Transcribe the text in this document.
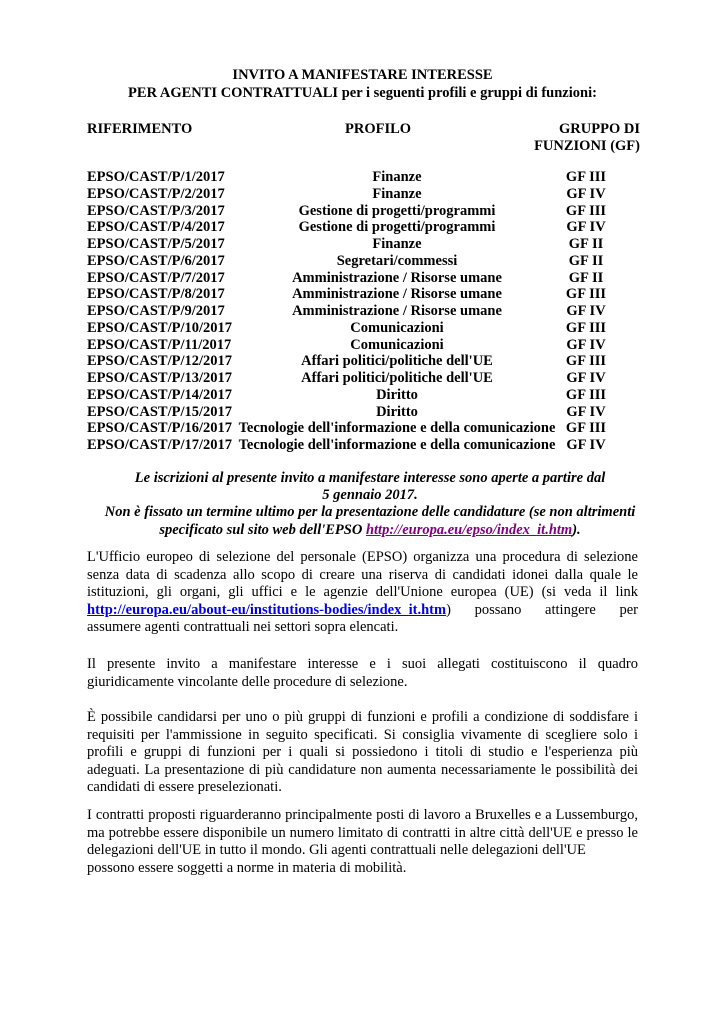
INVITO A MANIFESTARE INTERESSE
PER AGENTI CONTRATTUALI per i seguenti profili e gruppi di funzioni:
RIFERIMENTO	PROFILO	GRUPPO DI
FUNZIONI (GF)
EPSO/CAST/P/1/2017	Finanze	GF III
EPSO/CAST/P/2/2017	Finanze	GF IV
EPSO/CAST/P/3/2017	Gestione di progetti/programmi	GF III
EPSO/CAST/P/4/2017	Gestione di progetti/programmi	GF IV
EPSO/CAST/P/5/2017	Finanze	GF II
EPSO/CAST/P/6/2017	Segretari/commessi	GF II
EPSO/CAST/P/7/2017	Amministrazione / Risorse umane	GF II
EPSO/CAST/P/8/2017	Amministrazione / Risorse umane	GF III
EPSO/CAST/P/9/2017	Amministrazione / Risorse umane	GF IV
EPSO/CAST/P/10/2017	Comunicazioni	GF III
EPSO/CAST/P/11/2017	Comunicazioni	GF IV
EPSO/CAST/P/12/2017	Affari politici/politiche dell'UE	GF III
EPSO/CAST/P/13/2017	Affari politici/politiche dell'UE	GF IV
EPSO/CAST/P/14/2017	Diritto	GF III
EPSO/CAST/P/15/2017	Diritto	GF IV
EPSO/CAST/P/16/2017 Tecnologie dell'informazione e della comunicazione GF III
EPSO/CAST/P/17/2017 Tecnologie dell'informazione e della comunicazione GF IV
Le iscrizioni al presente invito a manifestare interesse sono aperte a partire dal
5 gennaio 2017.
Non è fissato un termine ultimo per la presentazione delle candidature (se non altrimenti
specificato sul sito web dell'EPSO http://europa.eu/epso/index_it.htm).
L'Ufficio europeo di selezione del personale (EPSO) organizza una procedura di selezione
senza data di scadenza allo scopo di creare una riserva di candidati idonei dalla quale le
istituzioni, gli organi, gli uffici e le agenzie dell'Unione europea (UE) (si veda il link
http://europa.eu/about-eu/institutions-bodies/index_it.htm) possano attingere per
assumere agenti contrattuali nei settori sopra elencati.
Il presente invito a manifestare interesse e i suoi allegati costituiscono il quadro
giuridicamente vincolante delle procedure di selezione.
È possibile candidarsi per uno o più gruppi di funzioni e profili a condizione di soddisfare i
requisiti per l'ammissione in seguito specificati. Si consiglia vivamente di scegliere solo i
profili e gruppi di funzioni per i quali si possiedono i titoli di studio e l'esperienza più
adeguati. La presentazione di più candidature non aumenta necessariamente le possibilità dei
candidati di essere preselezionati.
I contratti proposti riguarderanno principalmente posti di lavoro a Bruxelles e a Lussemburgo,
ma potrebbe essere disponibile un numero limitato di contratti in altre città dell'UE e presso le
delegazioni dell'UE in tutto il mondo. Gli agenti contrattuali nelle delegazioni dell'UE
possono essere soggetti a norme in materia di mobilità.
